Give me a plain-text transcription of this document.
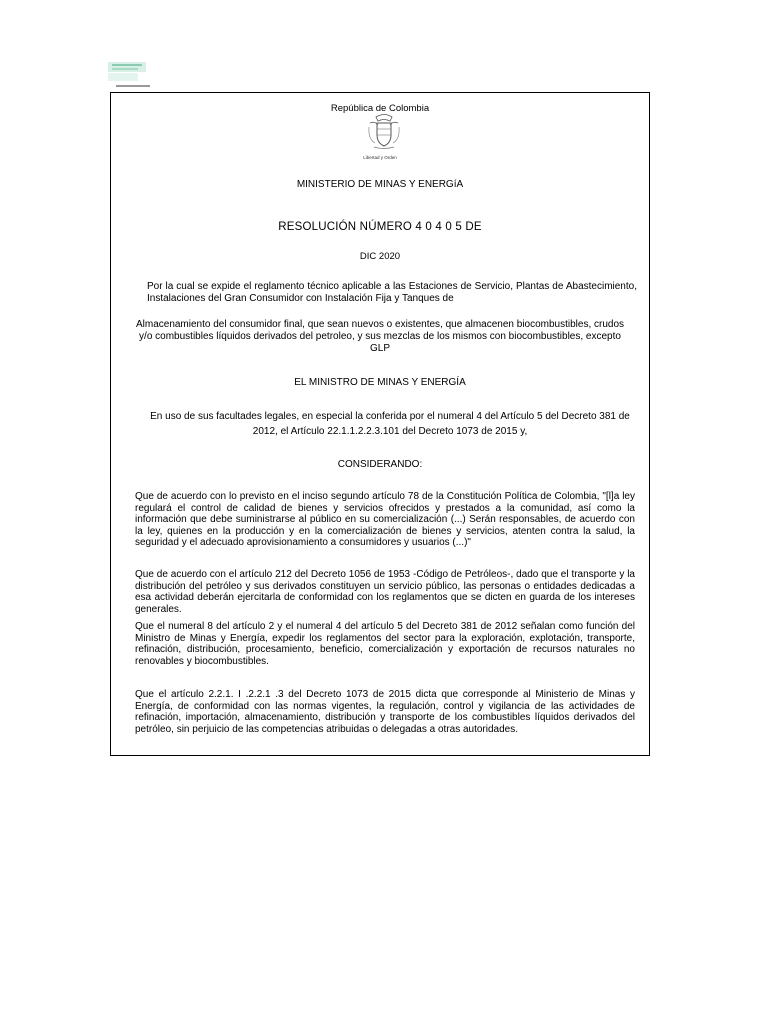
República de Colombia
Libertad y Orden
MINISTERIO DE MINAS Y ENERGíA
RESOLUCIÓN NÚMERO 4 0 4 0 5 DE
DIC 2020
Por la cual se expide el reglamento técnico aplicable a las Estaciones de Servicio, Plantas de Abastecimiento, Instalaciones del Gran Consumidor con Instalación Fija y Tanques de
Almacenamiento del consumidor final, que sean nuevos o existentes, que almacenen biocombustibles, crudos y/o combustibles líquidos derivados del petroleo, y sus mezclas de los mismos con biocombustibles, excepto GLP
EL MINISTRO DE MINAS Y ENERGÍA
En uso de sus facultades legales, en especial la conferida por el numeral 4 del Artículo 5 del Decreto 381 de 2012, el Artículo 22.1.1.2.2.3.101 del Decreto 1073 de 2015 y,
CONSIDERANDO:
Que de acuerdo con lo previsto en el inciso segundo artículo 78 de la Constitución Política de Colombia, "[l]a ley regulará el control de calidad de bienes y servicios ofrecidos y prestados a la comunidad, así como la información que debe suministrarse al público en su comercialización (...) Serán responsables, de acuerdo con la ley, quienes en la producción y en la comercialización de bienes y servicios, atenten contra la salud, la seguridad y el adecuado aprovisionamiento a consumidores y usuarios (...)"
Que de acuerdo con el artículo 212 del Decreto 1056 de 1953 -Código de Petróleos-, dado que el transporte y la distribución del petróleo y sus derivados constituyen un servicio público, las personas o entidades dedicadas a esa actividad deberán ejercitarla de conformidad con los reglamentos que se dicten en guarda de los intereses generales.
Que el numeral 8 del artículo 2 y el numeral 4 del artículo 5 del Decreto 381 de 2012 señalan como función del Ministro de Minas y Energía, expedir los reglamentos del sector para la exploración, explotación, transporte, refinación, distribución, procesamiento, beneficio, comercialización y exportación de recursos naturales no renovables y biocombustibles.
Que el artículo 2.2.1. I .2.2.1 .3 del Decreto 1073 de 2015 dicta que corresponde al Ministerio de Minas y Energía, de conformidad con las normas vigentes, la regulación, control y vigilancia de las actividades de refinación, importación, almacenamiento, distribución y transporte de los combustibles líquidos derivados del petróleo, sin perjuicio de las competencias atribuidas o delegadas a otras autoridades.
